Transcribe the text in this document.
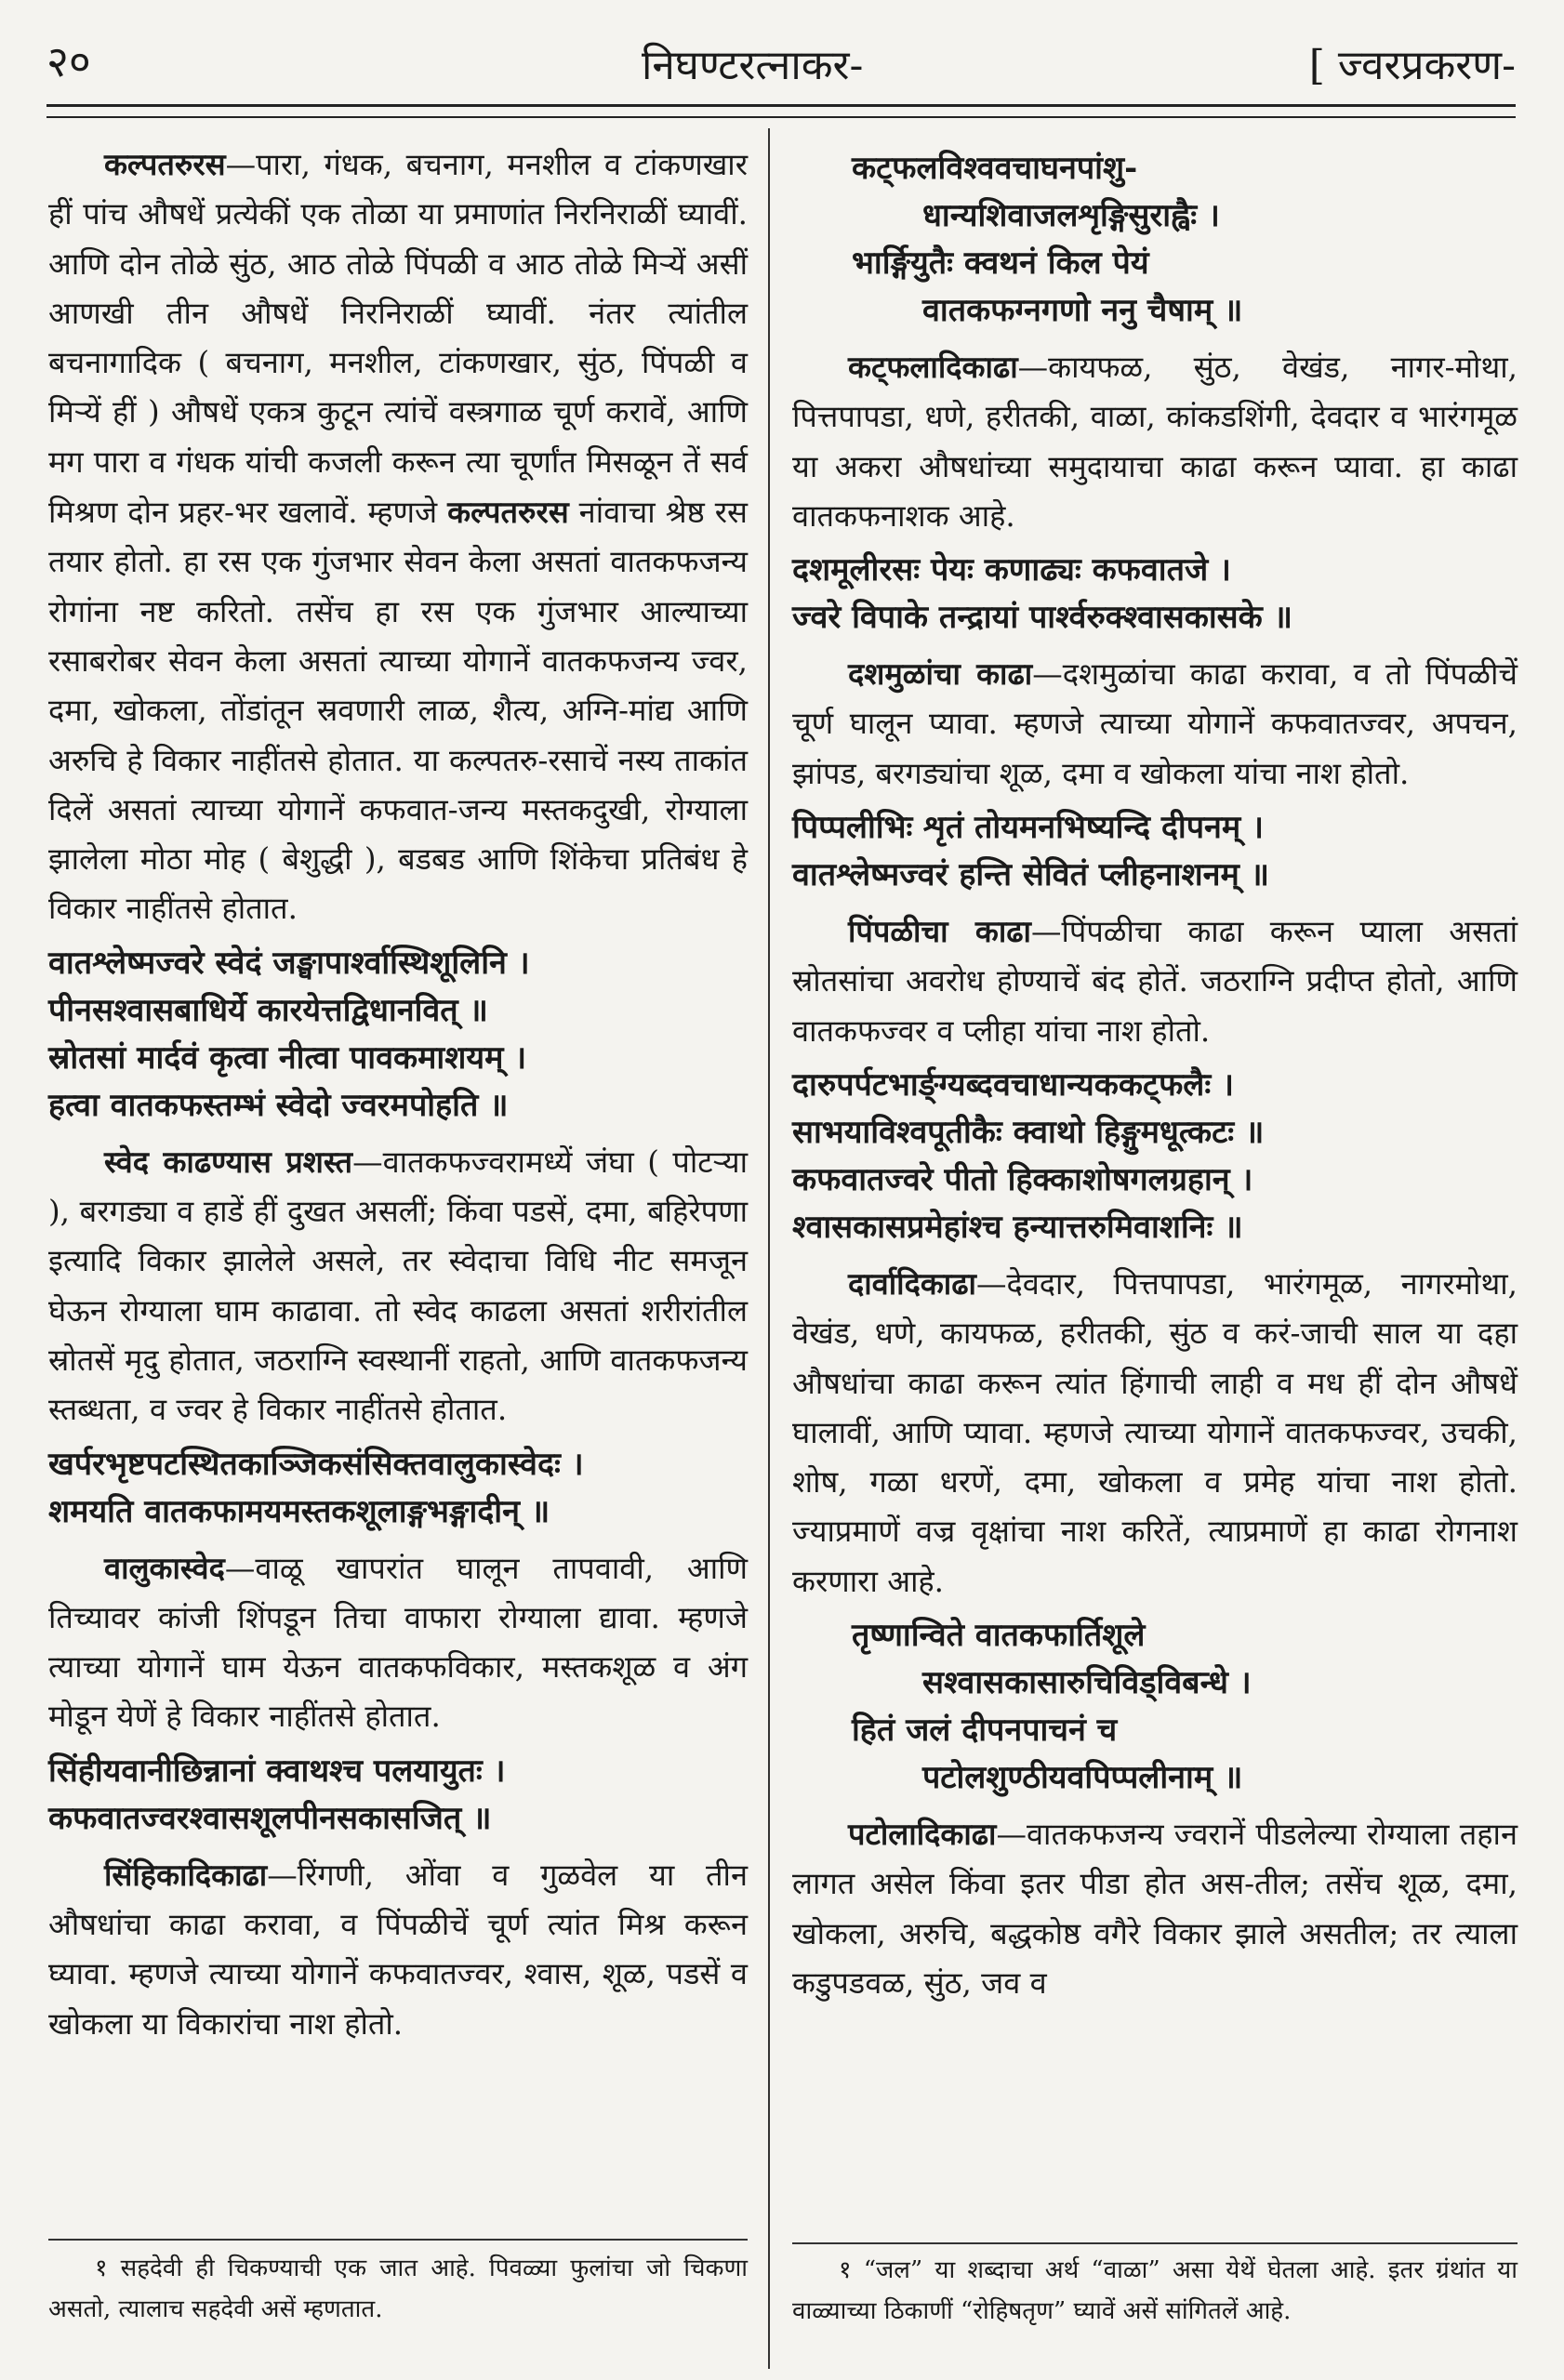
२०	निघण्टरत्नाकर-	[ ज्वरप्रकरण-

कल्पतरुरस—पारा, गंधक, बचनाग, मनशील व टांकणखार हीं पांच औषधें प्रत्येकीं एक तोळा या प्रमाणांत निरनिराळीं घ्यावीं. आणि दोन तोळे सुंठ, आठ तोळे पिंपळी व आठ तोळे मिऱ्यें असीं आणखी तीन औषधें निरनिराळीं घ्यावीं. नंतर त्यांतील बचनागादिक ( बचनाग, मनशील, टांकणखार, सुंठ, पिंपळी व मिऱ्यें हीं ) औषधें एकत्र कुटून त्यांचें वस्त्रगाळ चूर्ण करावें, आणि मग पारा व गंधक यांची कजली करून त्या चूर्णांत मिसळून तें सर्व मिश्रण दोन प्रहर-भर खलावें. म्हणजे कल्पतरुरस नांवाचा श्रेष्ठ रस तयार होतो. हा रस एक गुंजभार सेवन केला असतां वातकफजन्य रोगांना नष्ट करितो. तसेंच हा रस एक गुंजभार आल्याच्या रसाबरोबर सेवन केला असतां त्याच्या योगानें वातकफजन्य ज्वर, दमा, खोकला, तोंडांतून स्रवणारी लाळ, शैत्य, अग्नि-मांद्य आणि अरुचि हे विकार नाहींतसे होतात. या कल्पतरु-रसाचें नस्य ताकांत दिलें असतां त्याच्या योगानें कफवात-जन्य मस्तकदुखी, रोग्याला झालेला मोठा मोह ( बेशुद्धी ), बडबड आणि शिंकेचा प्रतिबंध हे विकार नाहींतसे होतात.

वातश्लेष्मज्वरे स्वेदं जङ्घापार्श्वास्थिशूलिनि ।
पीनसश्वासबाधिर्ये कारयेत्तद्विधानवित् ॥
स्रोतसां मार्दवं कृत्वा नीत्वा पावकमाशयम् ।
हत्वा वातकफस्तम्भं स्वेदो ज्वरमपोहति ॥

स्वेद काढण्यास प्रशस्त—वातकफज्वरामध्यें जंघा ( पोटऱ्या ), बरगड्या व हाडें हीं दुखत असलीं; किंवा पडसें, दमा, बहिरेपणा इत्यादि विकार झालेले असले, तर स्वेदाचा विधि नीट समजून घेऊन रोग्याला घाम काढावा. तो स्वेद काढला असतां शरीरांतील स्रोतसें मृदु होतात, जठराग्नि स्वस्थानीं राहतो, आणि वातकफजन्य स्तब्धता, व ज्वर हे विकार नाहींतसे होतात.

खर्परभृष्टपटस्थितकाञ्जिकसंसिक्तवालुकास्वेदः ।
शमयति वातकफामयमस्तकशूलाङ्गभङ्गादीन् ॥

वालुकास्वेद—वाळू खापरांत घालून तापवावी, आणि तिच्यावर कांजी शिंपडून तिचा वाफारा रोग्याला द्यावा. म्हणजे त्याच्या योगानें घाम येऊन वातकफविकार, मस्तकशूळ व अंग मोडून येणें हे विकार नाहींतसे होतात.

सिंहीयवानीछिन्नानां क्वाथश्च पलयायुतः ।
कफवातज्वरश्वासशूलपीनसकासजित् ॥

सिंहिकादिकाढा—रिंगणी, ओंवा व गुळवेल या तीन औषधांचा काढा करावा, व पिंपळीचें चूर्ण त्यांत मिश्र करून घ्यावा. म्हणजे त्याच्या योगानें कफवातज्वर, श्वास, शूळ, पडसें व खोकला या विकारांचा नाश होतो.

कट्फलविश्ववचाघनपांशु-
धान्यशिवाजलशृङ्गिसुराह्वैः ।
भार्ङ्गियुतैः क्वथनं किल पेयं
वातकफग्नगणो ननु चैषाम् ॥

कट्फलादिकाढा—कायफळ, सुंठ, वेखंड, नागर-मोथा, पित्तपापडा, धणे, हरीतकी, वाळा, कांकडशिंगी, देवदार व भारंगमूळ या अकरा औषधांच्या समुदायाचा काढा करून प्यावा. हा काढा वातकफनाशक आहे.

दशमूलीरसः पेयः कणाढ्यः कफवातजे ।
ज्वरे विपाके तन्द्रायां पार्श्वरुक्श्वासकासके ॥

दशमुळांचा काढा—दशमुळांचा काढा करावा, व तो पिंपळीचें चूर्ण घालून प्यावा. म्हणजे त्याच्या योगानें कफवातज्वर, अपचन, झांपड, बरगड्यांचा शूळ, दमा व खोकला यांचा नाश होतो.

पिप्पलीभिः शृतं तोयमनभिष्यन्दि दीपनम् ।
वातश्लेष्मज्वरं हन्ति सेवितं प्लीहनाशनम् ॥

पिंपळीचा काढा—पिंपळीचा काढा करून प्याला असतां स्रोतसांचा अवरोध होण्याचें बंद होतें. जठराग्नि प्रदीप्त होतो, आणि वातकफज्वर व प्लीहा यांचा नाश होतो.

दारुपर्पटभार्ङ्ग्यब्दवचाधान्यककट्फलैः ।
साभयाविश्वपूतीकैः क्वाथो हिङ्गुमधूत्कटः ॥
कफवातज्वरे पीतो हिक्काशोषगलग्रहान् ।
श्वासकासप्रमेहांश्च हन्यात्तरुमिवाशनिः ॥

दार्वादिकाढा—देवदार, पित्तपापडा, भारंगमूळ, नागरमोथा, वेखंड, धणे, कायफळ, हरीतकी, सुंठ व करं-जाची साल या दहा औषधांचा काढा करून त्यांत हिंगाची लाही व मध हीं दोन औषधें घालावीं, आणि प्यावा. म्हणजे त्याच्या योगानें वातकफज्वर, उचकी, शोष, गळा धरणें, दमा, खोकला व प्रमेह यांचा नाश होतो. ज्याप्रमाणें वज्र वृक्षांचा नाश करितें, त्याप्रमाणें हा काढा रोगनाश करणारा आहे.

तृष्णान्विते वातकफार्तिशूले
सश्वासकासारुचिविड्विबन्धे ।
हितं जलं दीपनपाचनं च
पटोलशुण्ठीयवपिप्पलीनाम् ॥

पटोलादिकाढा—वातकफजन्य ज्वरानें पीडलेल्या रोग्याला तहान लागत असेल किंवा इतर पीडा होत अस-तील; तसेंच शूळ, दमा, खोकला, अरुचि, बद्धकोष्ठ वगैरे विकार झाले असतील; तर त्याला कडुपडवळ, सुंठ, जव व

१ सहदेवी ही चिकण्याची एक जात आहे. पिवळ्या फुलांचा जो चिकणा असतो, त्यालाच सहदेवी असें म्हणतात.

१ “जल” या शब्दाचा अर्थ “वाळा” असा येथें घेतला आहे. इतर ग्रंथांत या वाळ्याच्या ठिकाणीं “रोहिषतृण” घ्यावें असें सांगितलें आहे.
